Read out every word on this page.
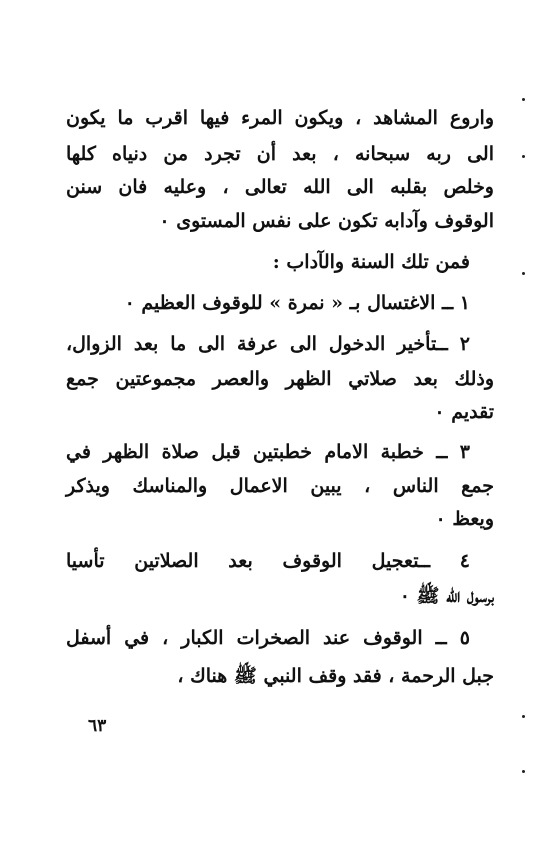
واروع المشاهد ، ويكون المرء فيها اقرب ما يكون
الى ربه سبحانه ، بعد أن تجرد من دنياه كلها
وخلص بقلبه الى الله تعالى ، وعليه فان سنن
الوقوف وآدابه تكون على نفس المستوى ٠
فمن تلك السنة والآداب :
١ ــ الاغتسال بـ « نمرة » للوقوف العظيم ٠
٢ ــتأخير الدخول الى عرفة الى ما بعد الزوال،
وذلك بعد صلاتي الظهر والعصر مجموعتين جمع
تقديم ٠
٣ ــ خطبة الامام خطبتين قبل صلاة الظهر في
جمع الناس ، يبين الاعمال والمناسك ويذكر
ويعظ ٠
٤ ــتعجيل الوقوف بعد الصلاتين تأسيا
برسول الله ﷺ ٠
٥ ــ الوقوف عند الصخرات الكبار ، في أسفل
جبل الرحمة ، فقد وقف النبي ﷺ هناك ،
٦٣
